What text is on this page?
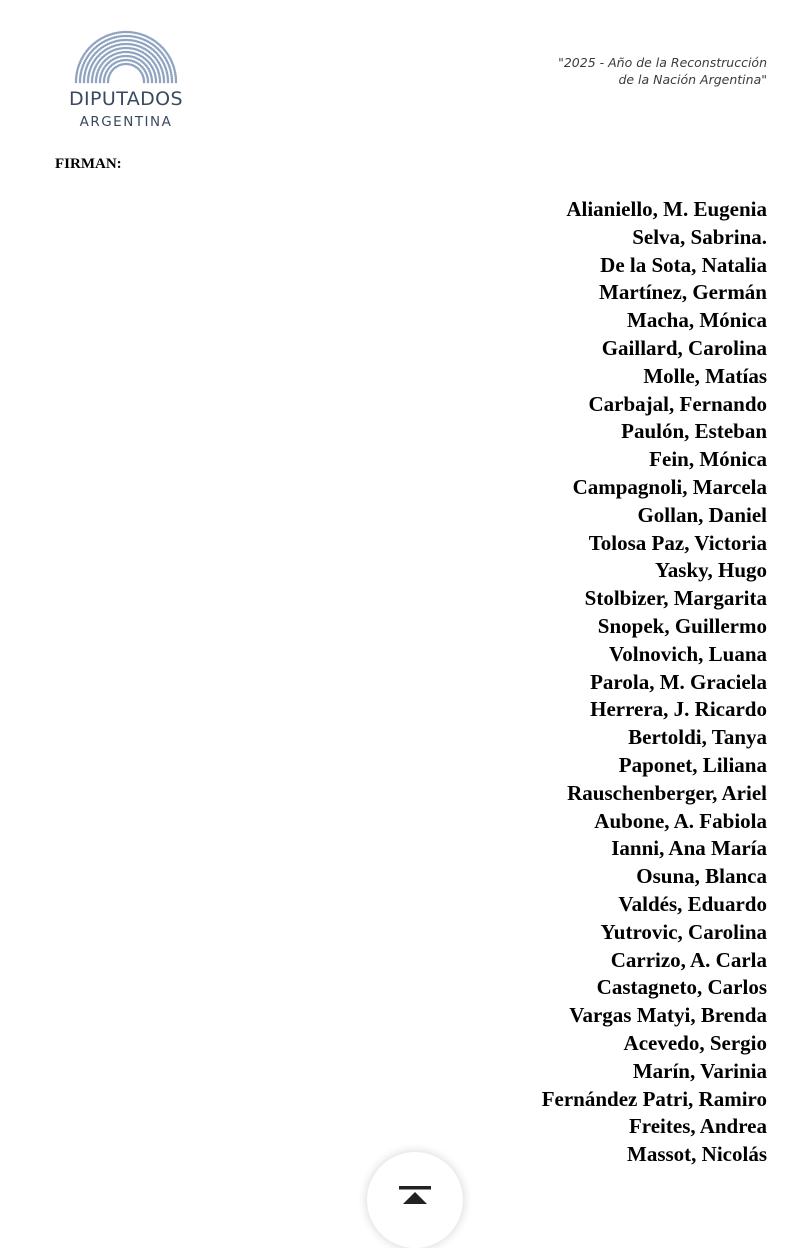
DIPUTADOS
ARGENTINA
"2025 - Año de la Reconstrucción
de la Nación Argentina"
FIRMAN:
Alianiello, M. Eugenia
Selva, Sabrina.
De la Sota, Natalia
Martínez, Germán
Macha, Mónica
Gaillard, Carolina
Molle, Matías
Carbajal, Fernando
Paulón, Esteban
Fein, Mónica
Campagnoli, Marcela
Gollan, Daniel
Tolosa Paz, Victoria
Yasky, Hugo
Stolbizer, Margarita
Snopek, Guillermo
Volnovich, Luana
Parola, M. Graciela
Herrera, J. Ricardo
Bertoldi, Tanya
Paponet, Liliana
Rauschenberger, Ariel
Aubone, A. Fabiola
Ianni, Ana María
Osuna, Blanca
Valdés, Eduardo
Yutrovic, Carolina
Carrizo, A. Carla
Castagneto, Carlos
Vargas Matyi, Brenda
Acevedo, Sergio
Marín, Varinia
Fernández Patri, Ramiro
Freites, Andrea
Massot, Nicolás
